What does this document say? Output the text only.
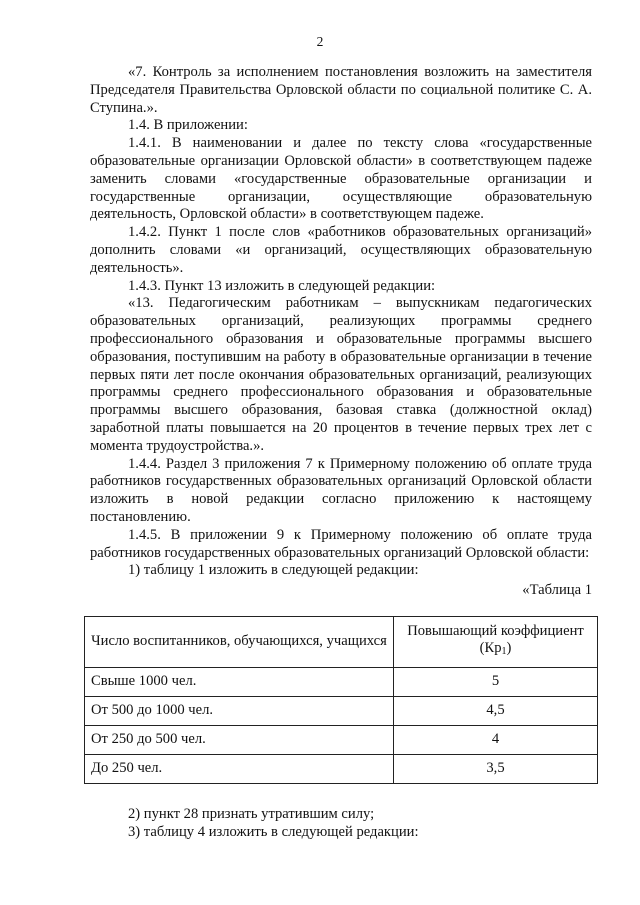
2

«7. Контроль за исполнением постановления возложить на заместителя Председателя Правительства Орловской области по социальной политике С. А. Ступина.».

1.4. В приложении:

1.4.1. В наименовании и далее по тексту слова «государственные образовательные организации Орловской области» в соответствующем падеже заменить словами «государственные образовательные организации и государственные организации, осуществляющие образовательную деятельность, Орловской области» в соответствующем падеже.

1.4.2. Пункт 1 после слов «работников образовательных организаций» дополнить словами «и организаций, осуществляющих образовательную деятельность».

1.4.3. Пункт 13 изложить в следующей редакции:

«13. Педагогическим работникам – выпускникам педагогических образовательных организаций, реализующих программы среднего профессионального образования и образовательные программы высшего образования, поступившим на работу в образовательные организации в течение первых пяти лет после окончания образовательных организаций, реализующих программы среднего профессионального образования и образовательные программы высшего образования, базовая ставка (должностной оклад) заработной платы повышается на 20 процентов в течение первых трех лет с момента трудоустройства.».

1.4.4. Раздел 3 приложения 7 к Примерному положению об оплате труда работников государственных образовательных организаций Орловской области изложить в новой редакции согласно приложению к настоящему постановлению.

1.4.5. В приложении 9 к Примерному положению об оплате труда работников государственных образовательных организаций Орловской области:

1) таблицу 1 изложить в следующей редакции:

«Таблица 1

Число воспитанников, обучающихся, учащихся	Повышающий коэффициент $(Кр_1)$
Свыше 1000 чел.	5
От 500 до 1000 чел.	4,5
От 250 до 500 чел.	4
До 250 чел.	3,5

2) пункт 28 признать утратившим силу;

3) таблицу 4 изложить в следующей редакции:
